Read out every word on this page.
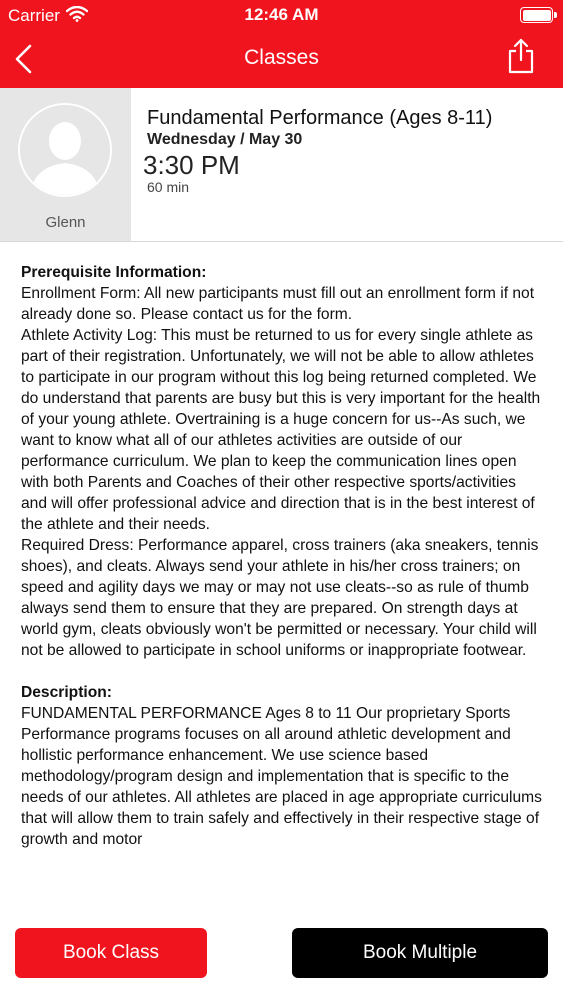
Carrier	12:46 AM
Classes
Glenn
Fundamental Performance (Ages 8-11)
Wednesday / May 30
3:30 PM
60 min
Prerequisite Information:
Enrollment Form: All new participants must fill out an enrollment form if not already done so. Please contact us for the form.
Athlete Activity Log: This must be returned to us for every single athlete as part of their registration. Unfortunately, we will not be able to allow athletes to participate in our program without this log being returned completed. We do understand that parents are busy but this is very important for the health of your young athlete. Overtraining is a huge concern for us--As such, we want to know what all of our athletes activities are outside of our performance curriculum. We plan to keep the communication lines open with both Parents and Coaches of their other respective sports/activities and will offer professional advice and direction that is in the best interest of the athlete and their needs.
Required Dress: Performance apparel, cross trainers (aka sneakers, tennis shoes), and cleats. Always send your athlete in his/her cross trainers; on speed and agility days we may or may not use cleats--so as rule of thumb always send them to ensure that they are prepared. On strength days at world gym, cleats obviously won't be permitted or necessary. Your child will not be allowed to participate in school uniforms or inappropriate footwear.
Description:
FUNDAMENTAL PERFORMANCE Ages 8 to 11 Our proprietary Sports Performance programs focuses on all around athletic development and hollistic performance enhancement. We use science based methodology/program design and implementation that is specific to the needs of our athletes. All athletes are placed in age appropriate curriculums that will allow them to train safely and effectively in their respective stage of growth and motor
Book Class	Book Multiple
